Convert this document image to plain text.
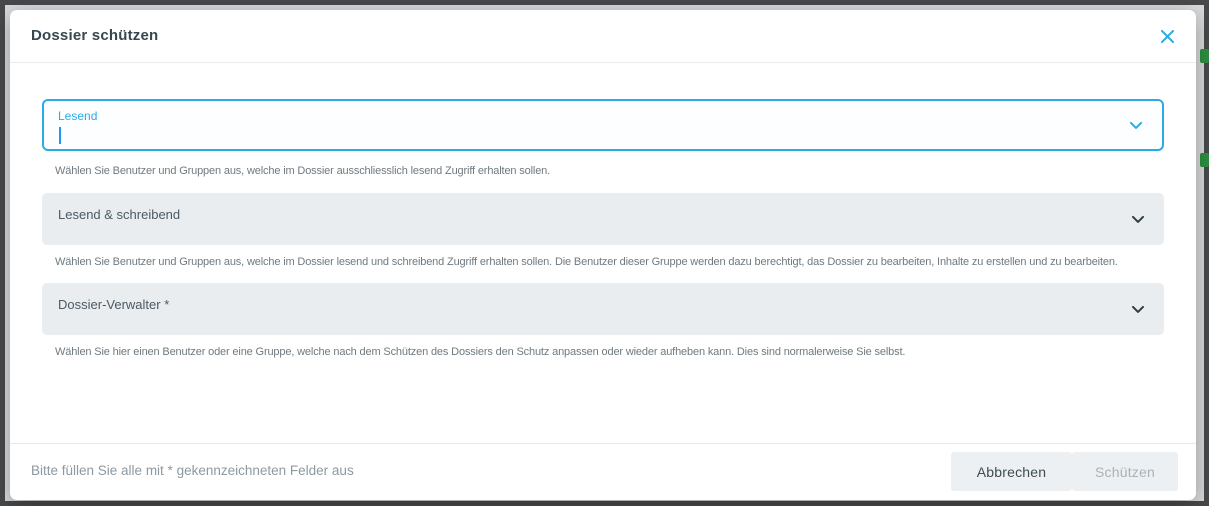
Dossier schützen
Lesend
Wählen Sie Benutzer und Gruppen aus, welche im Dossier ausschliesslich lesend Zugriff erhalten sollen.
Lesend & schreibend
Wählen Sie Benutzer und Gruppen aus, welche im Dossier lesend und schreibend Zugriff erhalten sollen. Die Benutzer dieser Gruppe werden dazu berechtigt, das Dossier zu bearbeiten, Inhalte zu erstellen und zu bearbeiten.
Dossier-Verwalter *
Wählen Sie hier einen Benutzer oder eine Gruppe, welche nach dem Schützen des Dossiers den Schutz anpassen oder wieder aufheben kann. Dies sind normalerweise Sie selbst.
Bitte füllen Sie alle mit * gekennzeichneten Felder aus	Abbrechen	Schützen
